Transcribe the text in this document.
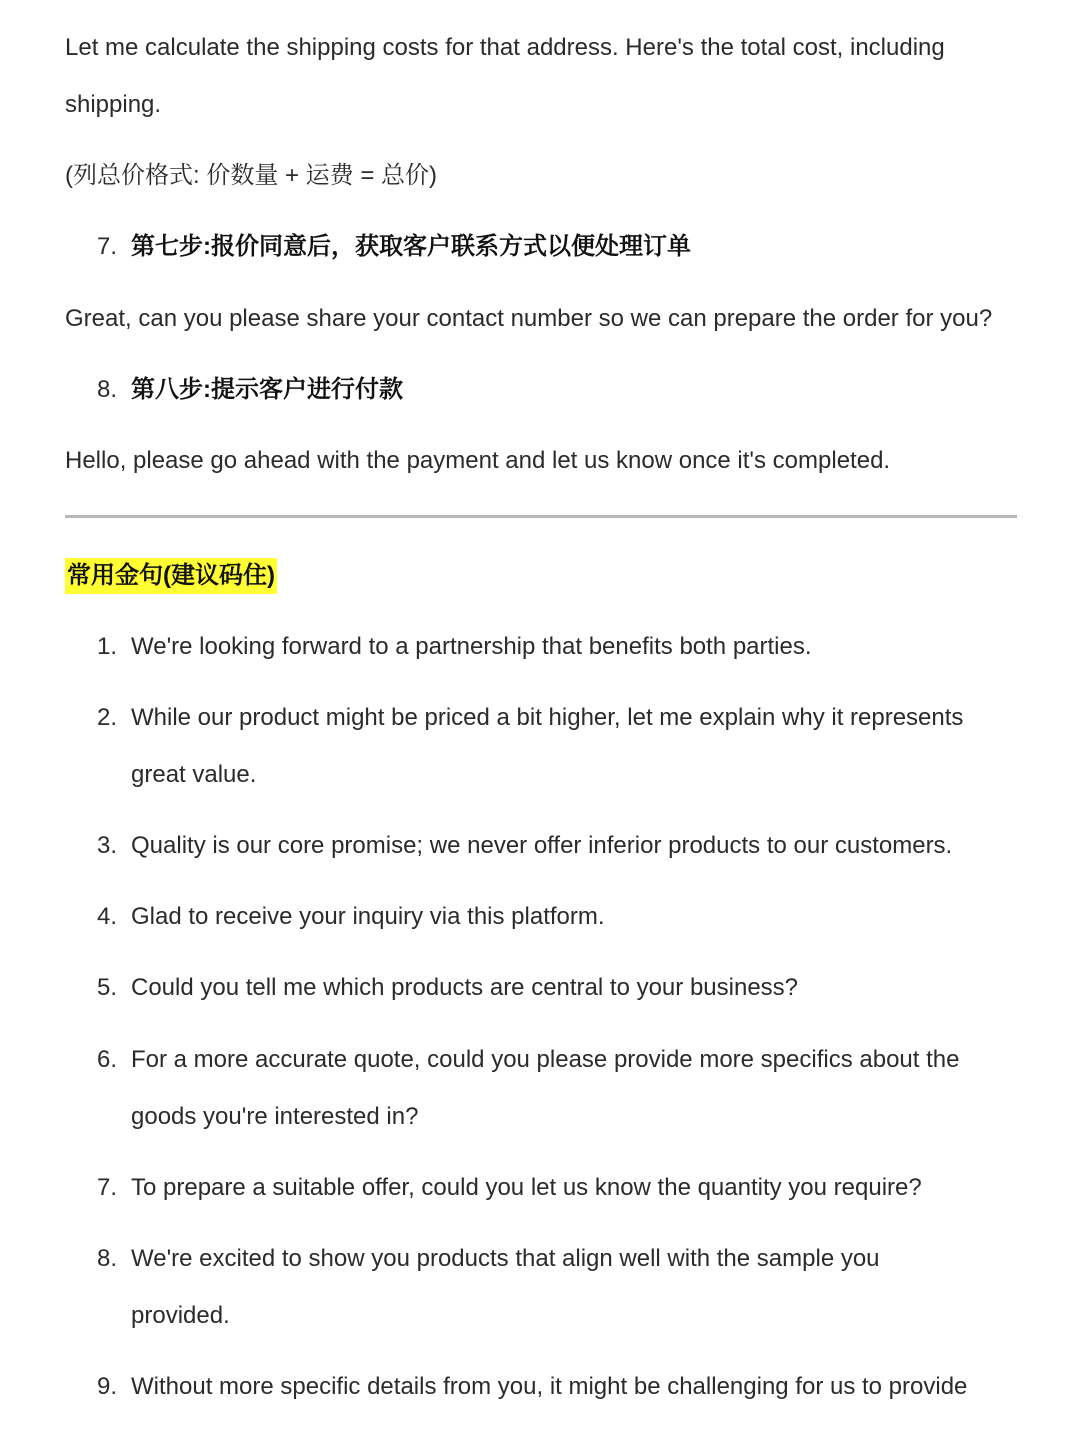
Let me calculate the shipping costs for that address. Here's the total cost, including
shipping.
(列总价格式: 价数量 + 运费 = 总价)
7. 第七步:报价同意后，获取客户联系方式以便处理订单
Great, can you please share your contact number so we can prepare the order for you?
8. 第八步:提示客户进行付款
Hello, please go ahead with the payment and let us know once it's completed.
常用金句(建议码住)
1. We're looking forward to a partnership that benefits both parties.
2. While our product might be priced a bit higher, let me explain why it represents
great value.
3. Quality is our core promise; we never offer inferior products to our customers.
4. Glad to receive your inquiry via this platform.
5. Could you tell me which products are central to your business?
6. For a more accurate quote, could you please provide more specifics about the
goods you're interested in?
7. To prepare a suitable offer, could you let us know the quantity you require?
8. We're excited to show you products that align well with the sample you
provided.
9. Without more specific details from you, it might be challenging for us to provide
